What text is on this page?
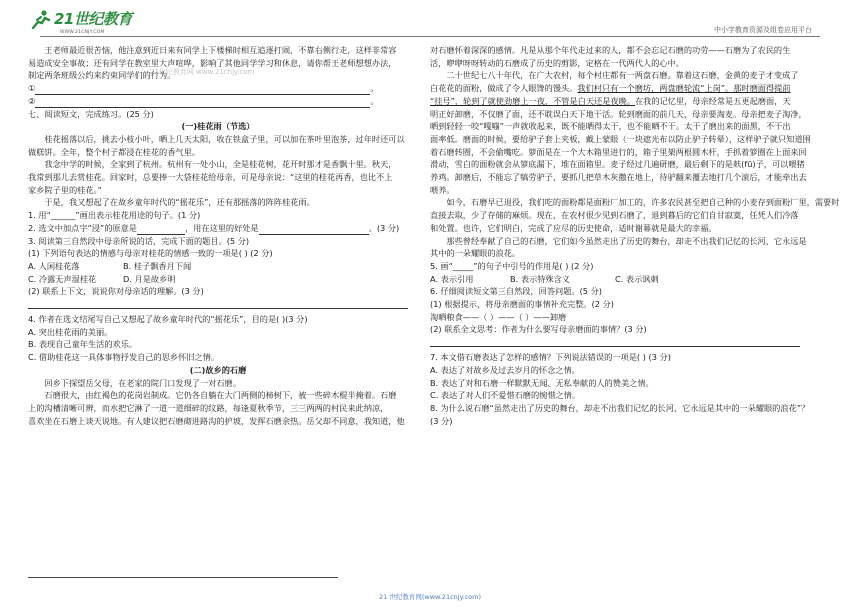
21世纪教育
WWW.21CNJY.COM	中小学教育资源及组卷应用平台
21世纪教育网 www.21cnjy.com

王老师最近很苦恼，他注意到近日来有同学上下楼梯时相互追逐打闹，不靠右侧行走，这样非常容

易造成安全事故；还有同学在教室里大声喧哗，影响了其他同学学习和休息，请你帮王老师想想办法，

制定两条班级公约来约束同学们的行为。

①	。

②	。

七、阅读短文，完成练习。(25 分)

(一)桂花雨（节选）

桂花摇落以后，挑去小枝小叶，晒上几天太阳，收在铁盒子里，可以加在茶叶里泡茶，过年时还可以

做糕饼。全年，整个村子都浸在桂花的香气里。

我念中学的时候，全家到了杭州。杭州有一处小山，全是桂花树，花开时那才是香飘十里。秋天，

我常到那儿去赏桂花。回家时，总要捧一大袋桂花给母亲，可是母亲说：“这里的桂花再香，也比不上

家乡院子里的桂花。”

于是，我又想起了在故乡童年时代的“摇花乐”，还有那摇落的阵阵桂花雨。

1. 用“______”画出表示桂花用途的句子。(1 分)

2. 选文中加点字“浸”的原意是	，用在这里的好处是	。(3 分)

3. 阅读第三自然段中母亲所说的话，完成下面的题目。(5 分)

(1) 下列语句表达的情感与母亲对桂花的情感一致的一项是( ) (2 分)

A. 人闲桂花落	B. 桂子飘香月下闻
C. 冷露无声湿桂花	D. 月是故乡明

(2) 联系上下文，说说你对母亲话的理解。(3 分)

4. 作者在选文结尾写自己又想起了故乡童年时代的“摇花乐”，目的是( )(3 分)

A. 突出桂花雨的美丽。

B. 表现自己童年生活的欢乐。

C. 借助桂花这一具体事物抒发自己的思乡怀旧之情。

(二)故乡的石磨

回乡下探望岳父母，在老家的院门口发现了一对石磨。

石磨很大，由红褐色的花岗岩制成。它仍各自躺在大门两侧的柿树下，被一些碎木棍半掩着。石磨

上的沟槽清晰可辨，而水把它淋了一道一道细碎的纹路，每逢夏秋季节，三三两两的村民来此纳凉，

喜欢坐在石磨上谈天说地。有人建议把石磨砌进路沟的护坡，发挥石磨余热。岳父却不同意，我知道，他

对石磨怀着深深的感情。凡是从那个年代走过来的人，都不会忘记石磨的功劳——石磨为了农民的生

活，咿咿呀呀转动的石磨成了历史的剪影，定格在一代两代人的心中。

二十世纪七八十年代，在广大农村，每个村庄都有一两盘石磨。靠着这石磨，金黄的麦子才变成了

白花花的面粉，做成了令人眼馋的馒头。我们村只有一个磨坊，两盘磨轮流“上岗”。那时磨面得提前

“挂号”，轮到了就使劲磨上一夜，不管是白天还是夜晚。在我的记忆里，母亲经常是五更起磨面，天

明正好卸磨，不仅磨了面，还不耽误白天下地干活。轮到磨面的前几天，母亲要淘麦。母亲把麦子淘净，

晒到轻轻一咬“嘎嘣”一声就收起来，既不能晒得太干，也不能晒不干。太干了磨出来的面黑，不干出

面率低。磨面的时候，要给驴子套上夹板，戴上蒙眼（一块遮光布以防止驴子转晕），这样驴子就只知道围

着石磨转圈，不会偷嘴吃。箩面是在一个大木箱里进行的，箱子里架两根圆木杆，手抓着箩圈在上面来回

滑动，雪白的面粉就会从箩底漏下，堆在面箱里。麦子经过几遍研磨，最后剩下的是麸(fū)子，可以喂猪

养鸡。卸磨后，不能忘了犒劳驴子，要抓几把草木灰撒在地上，待驴翻来覆去地打几个滚后，才能牵出去

喂养。

如今，石磨早已退役，我们吃的面粉都是面粉厂加工的，许多农民甚至把自己种的小麦存到面粉厂里，需要时

直接去取，少了存储的麻烦。现在，在农村很少见到石磨了，退到暮后的它们自甘寂寞，任凭人们冷落

和处置。也许，它们明白，完成了应尽的历史使命，适时谢幕就是最大的幸福。

那些曾经奉献了自己的石磨，它们如今虽然走出了历史的舞台，却走不出我们记忆的长河，它永远是

其中的一朵耀眼的浪花。

5. 画“_____”的句子中引号的作用是( ) (2 分)

A. 表示引用	B. 表示特殊含义	C. 表示讽刺

6. 仔细阅读短文第三自然段，回答问题。(5 分)

(1) 根据提示，将母亲磨面的事情补充完整。(2 分)

淘晒粮食——（ ）——（ ）——卸磨

(2) 联系全文思考：作者为什么要写母亲磨面的事情？(3 分)

7. 本文借石磨表达了怎样的感情？下列说法错误的一项是( ) (3 分)

A. 表达了对故乡及过去岁月的怀念之情。

B. 表达了对和石磨一样默默无闻、无私奉献的人的赞美之情。

C. 表达了对人们不爱惜石磨的惋惜之情。

8. 为什么说石磨“虽然走出了历史的舞台，却走不出我们记忆的长河，它永远是其中的一朵耀眼的浪花”？

(3 分)

21 世纪教育网(www.21cnjy.com)
